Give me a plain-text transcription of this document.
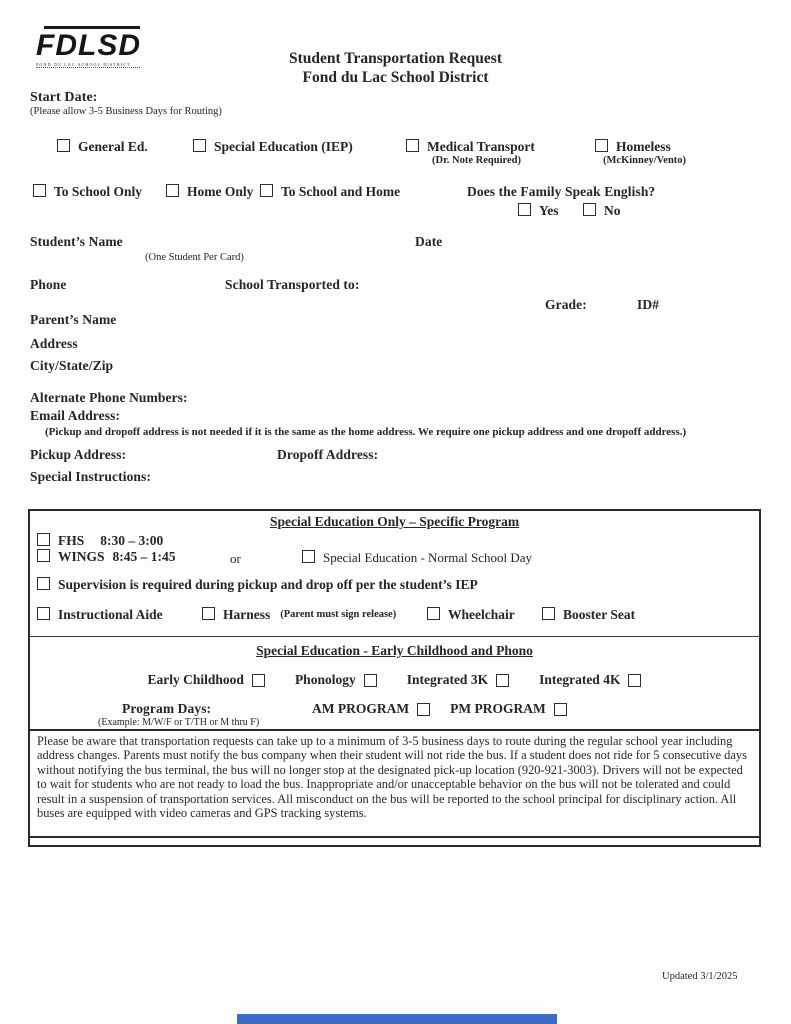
FDLSD
FOND DU LAC SCHOOL DISTRICT	Student Transportation Request
Fond du Lac School District
Start Date:
(Please allow 3-5 Business Days for Routing)
General Ed.	Special Education (IEP)	Medical Transport
(Dr. Note Required)
Homeless
(McKinney/Vento)
To School Only	Home Only To School and Home	Does the Family Speak English?
Yes	No
Student’s Name	Date
(One Student Per Card)
Phone	School Transported to:
Grade:	ID#
Parent’s Name
Address
City/State/Zip
Alternate Phone Numbers:
Email Address:
(Pickup and dropoff address is not needed if it is the same as the home address. We require one pickup address and one dropoff address.)
Pickup Address:	Dropoff Address:
Special Instructions:
Special Education Only – Specific Program
FHS 8:30 – 3:00
WINGS 8:45 – 1:45	or	Special Education - Normal School Day
Supervision is required during pickup and drop off per the student’s IEP
Instructional Aide	Harness (Parent must sign release)	Wheelchair	Booster Seat
Special Education - Early Childhood and Phono
Early Childhood	Phonology	Integrated 3K	Integrated 4K
Program Days:
(Example: M/W/F or T/TH or M thru F)
AM PROGRAM	PM PROGRAM
Please be aware that transportation requests can take up to a minimum of 3-5 business days to route during the regular school year including address changes. Parents must notify the bus company when their student will not ride the bus. If a student does not ride for 5 consecutive days without notifying the bus terminal, the bus will no longer stop at the designated pick-up location (920-921-3003). Drivers will not be expected to wait for students who are not ready to load the bus. Inappropriate and/or unacceptable behavior on the bus will not be tolerated and could result in a suspension of transportation services. All misconduct on the bus will be reported to the school principal for disciplinary action. All buses are equipped with video cameras and GPS tracking systems.
Updated 3/1/2025
